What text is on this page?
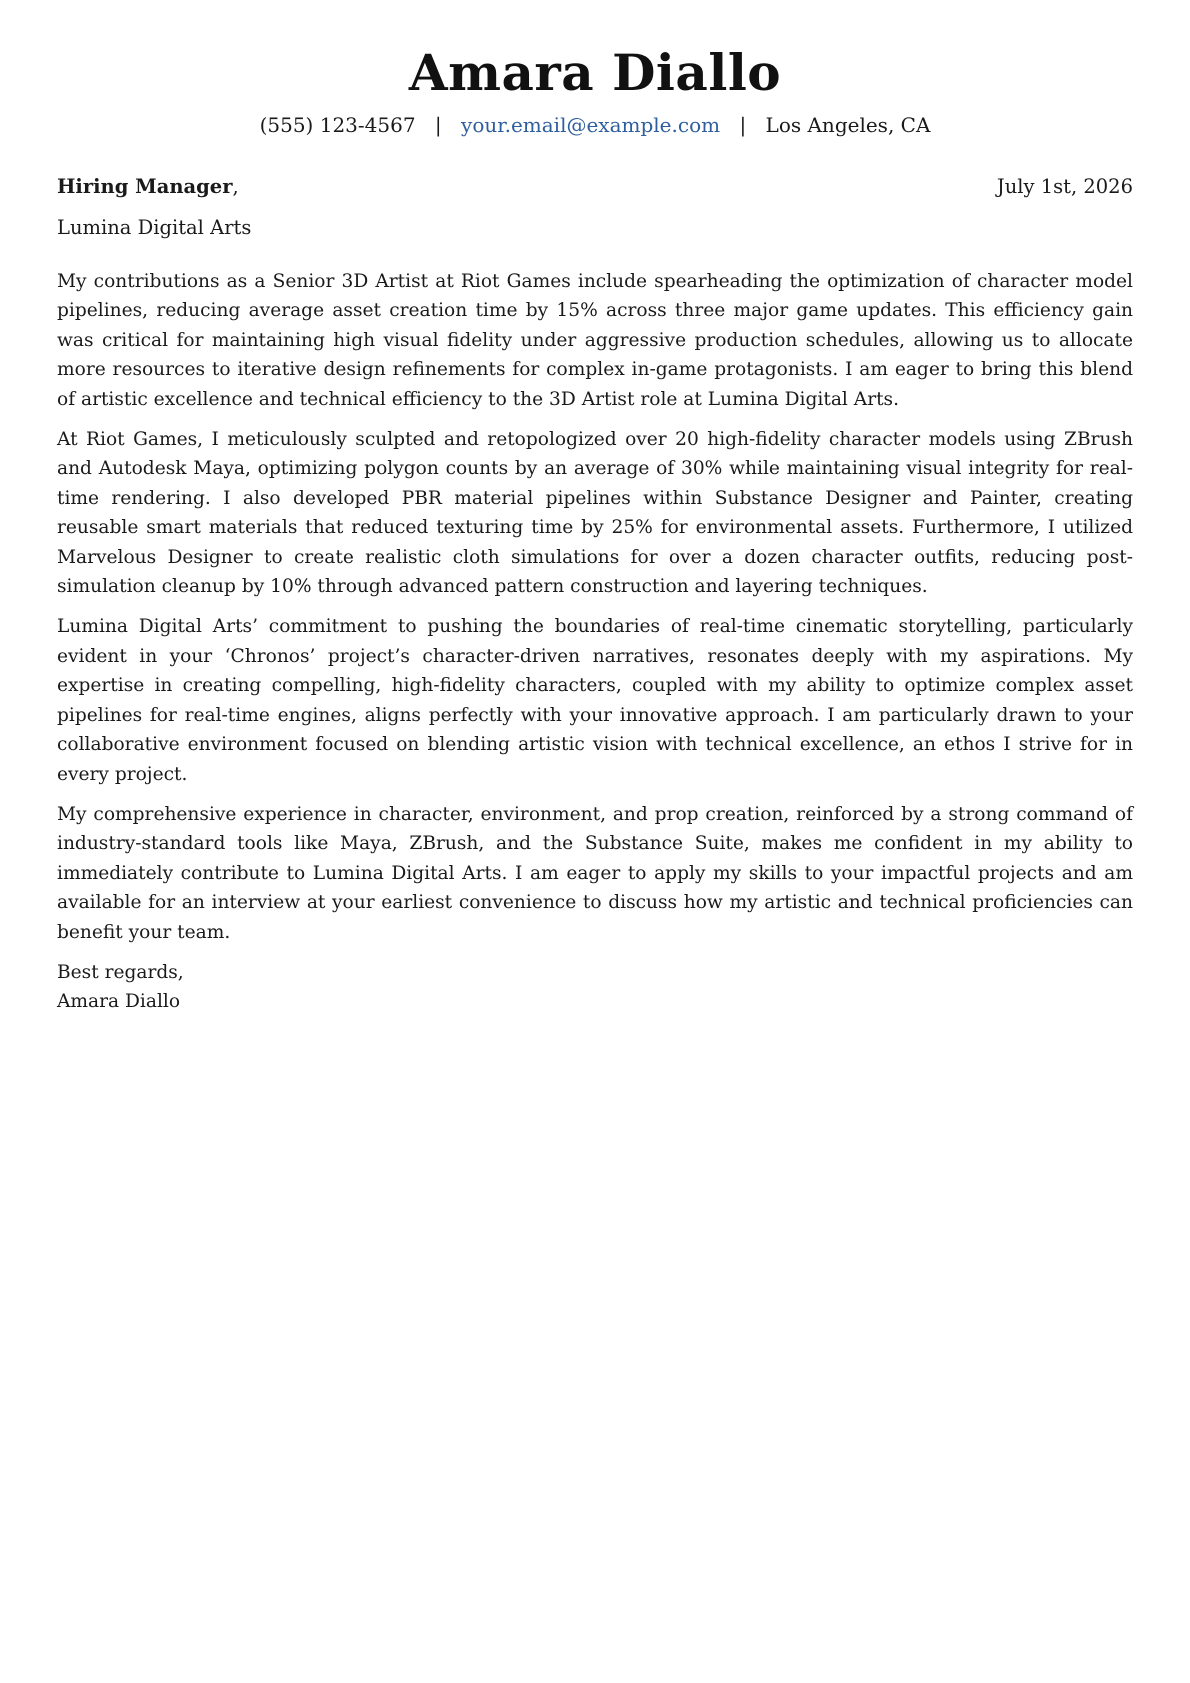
Amara Diallo
(555) 123-4567 | your.email@example.com | Los Angeles, CA
Hiring Manager,	July 1st, 2026
Lumina Digital Arts

My contributions as a Senior 3D Artist at Riot Games include spearheading the optimization of character model pipelines, reducing average asset creation time by 15% across three major game updates. This efficiency gain was critical for maintaining high visual fidelity under aggressive production schedules, allowing us to allocate more resources to iterative design refinements for complex in-game protagonists. I am eager to bring this blend of artistic excellence and technical efficiency to the 3D Artist role at Lumina Digital Arts.

At Riot Games, I meticulously sculpted and retopologized over 20 high-fidelity character models using ZBrush and Autodesk Maya, optimizing polygon counts by an average of 30% while maintaining visual integrity for real-time rendering. I also developed PBR material pipelines within Substance Designer and Painter, creating reusable smart materials that reduced texturing time by 25% for environmental assets. Furthermore, I utilized Marvelous Designer to create realistic cloth simulations for over a dozen character outfits, reducing post-simulation cleanup by 10% through advanced pattern construction and layering techniques.

Lumina Digital Arts’ commitment to pushing the boundaries of real-time cinematic storytelling, particularly evident in your ‘Chronos’ project’s character-driven narratives, resonates deeply with my aspirations. My expertise in creating compelling, high-fidelity characters, coupled with my ability to optimize complex asset pipelines for real-time engines, aligns perfectly with your innovative approach. I am particularly drawn to your collaborative environment focused on blending artistic vision with technical excellence, an ethos I strive for in every project.

My comprehensive experience in character, environment, and prop creation, reinforced by a strong command of industry-standard tools like Maya, ZBrush, and the Substance Suite, makes me confident in my ability to immediately contribute to Lumina Digital Arts. I am eager to apply my skills to your impactful projects and am available for an interview at your earliest convenience to discuss how my artistic and technical proficiencies can benefit your team.

Best regards,
Amara Diallo
